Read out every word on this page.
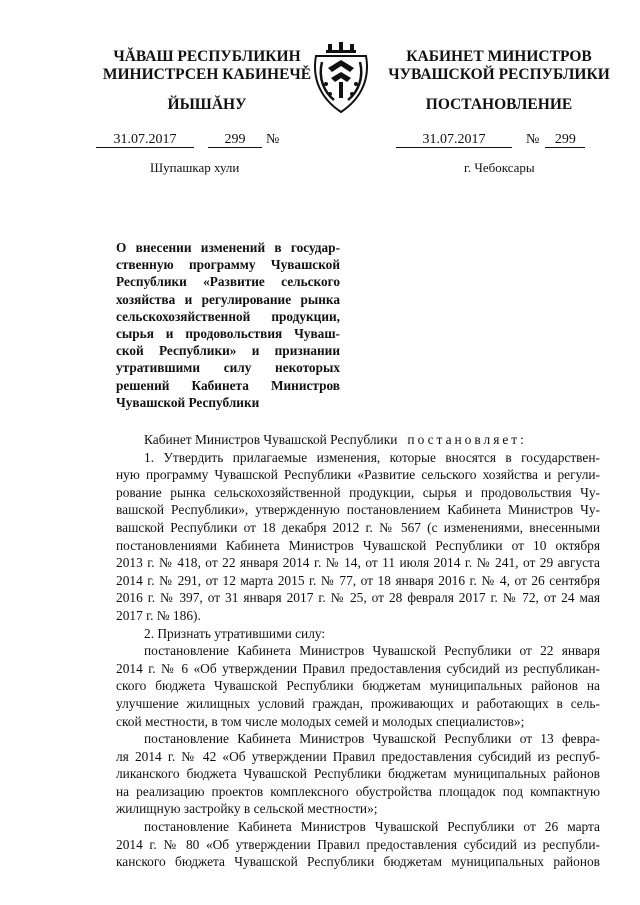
ЧĂВАШ РЕСПУБЛИКИН
МИНИСТРСЕН КАБИНЕЧĚ
ЙЫШĂНУ
КАБИНЕТ МИНИСТРОВ
ЧУВАШСКОЙ РЕСПУБЛИКИ
ПОСТАНОВЛЕНИЕ
31.07.2017	299 №	31.07.2017	№ 299
Шупашкар хули	г. Чебоксары
О внесении изменений в государ-
ственную программу Чувашской
Республики «Развитие сельского
хозяйства и регулирование рынка
сельскохозяйственной продукции,
сырья и продовольствия Чуваш-
ской Республики» и признании
утратившими силу некоторых
решений Кабинета Министров
Чувашской Республики
Кабинет Министров Чувашской Республики постановляет:
1. Утвердить прилагаемые изменения, которые вносятся в государствен-
ную программу Чувашской Республики «Развитие сельского хозяйства и регули-
рование рынка сельскохозяйственной продукции, сырья и продовольствия Чу-
вашской Республики», утвержденную постановлением Кабинета Министров Чу-
вашской Республики от 18 декабря 2012 г. № 567 (с изменениями, внесенными
постановлениями Кабинета Министров Чувашской Республики от 10 октября
2013 г. № 418, от 22 января 2014 г. № 14, от 11 июля 2014 г. № 241, от 29 августа
2014 г. № 291, от 12 марта 2015 г. № 77, от 18 января 2016 г. № 4, от 26 сентября
2016 г. № 397, от 31 января 2017 г. № 25, от 28 февраля 2017 г. № 72, от 24 мая
2017 г. № 186).
2. Признать утратившими силу:
постановление Кабинета Министров Чувашской Республики от 22 января
2014 г. № 6 «Об утверждении Правил предоставления субсидий из республикан-
ского бюджета Чувашской Республики бюджетам муниципальных районов на
улучшение жилищных условий граждан, проживающих и работающих в сель-
ской местности, в том числе молодых семей и молодых специалистов»;
постановление Кабинета Министров Чувашской Республики от 13 февра-
ля 2014 г. № 42 «Об утверждении Правил предоставления субсидий из респуб-
ликанского бюджета Чувашской Республики бюджетам муниципальных районов
на реализацию проектов комплексного обустройства площадок под компактную
жилищную застройку в сельской местности»;
постановление Кабинета Министров Чувашской Республики от 26 марта
2014 г. № 80 «Об утверждении Правил предоставления субсидий из республи-
канского бюджета Чувашской Республики бюджетам муниципальных районов
